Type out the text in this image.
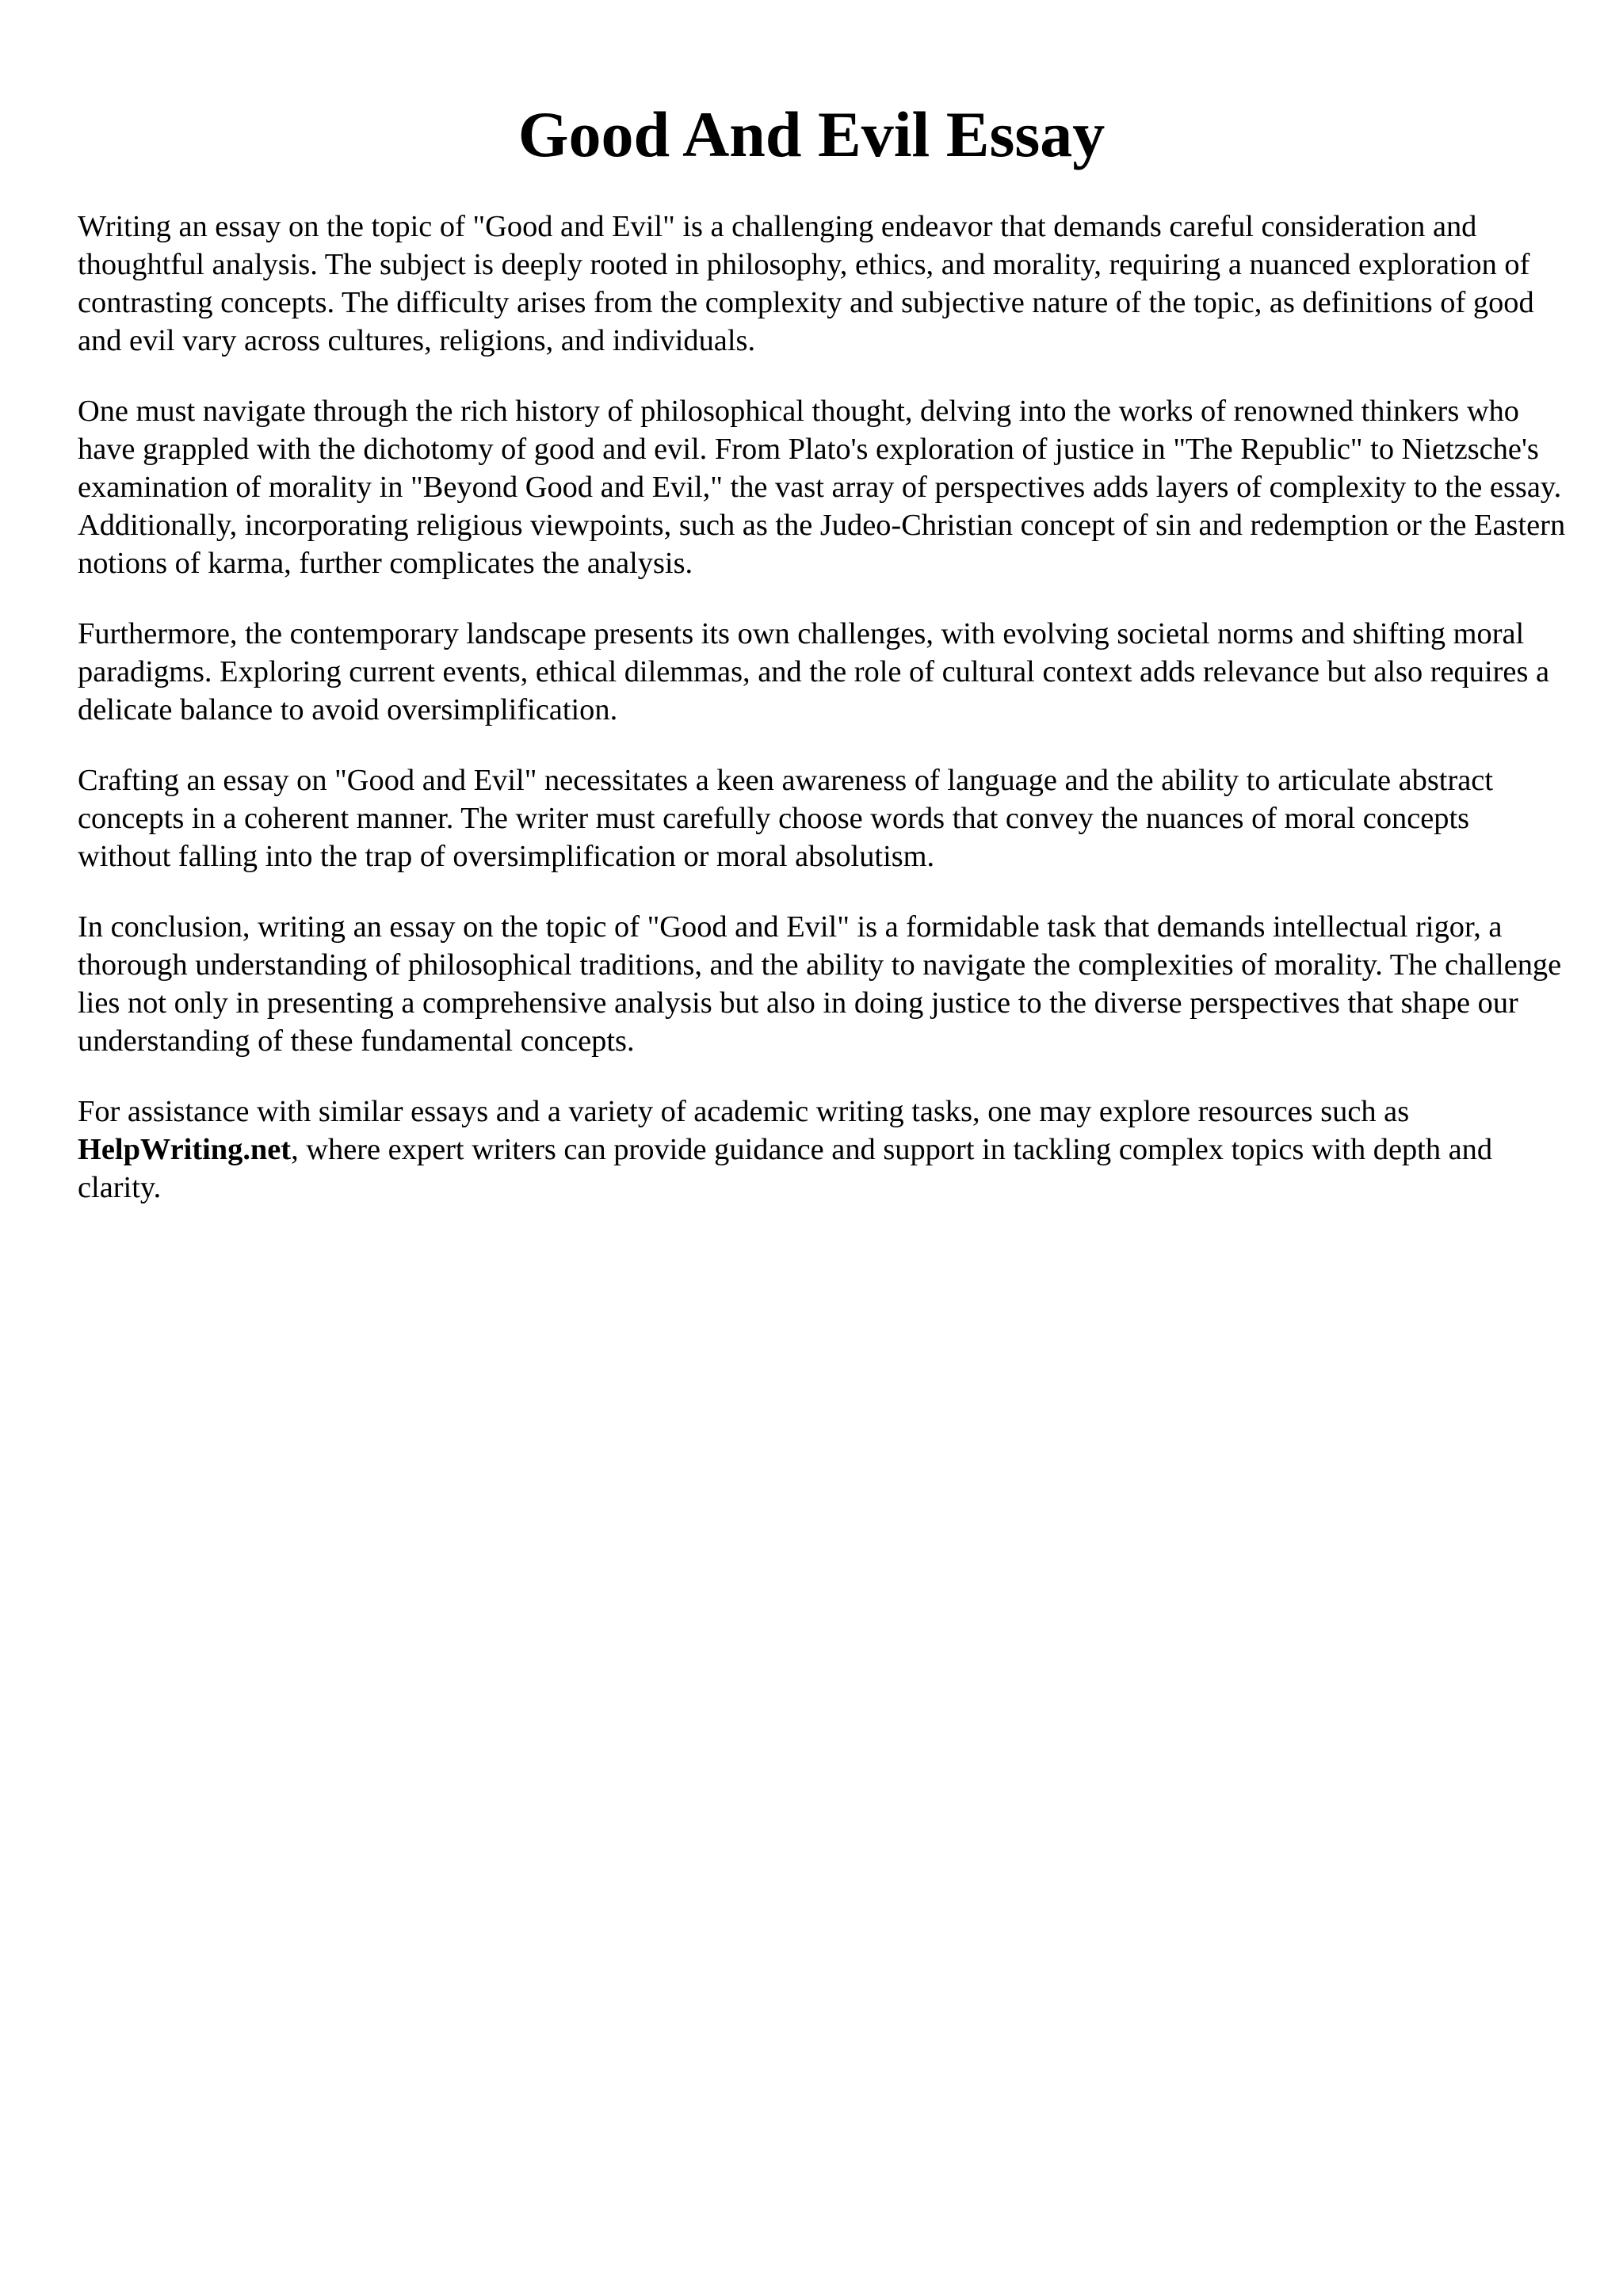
Good And Evil Essay

Writing an essay on the topic of "Good and Evil" is a challenging endeavor that demands careful consideration and thoughtful analysis. The subject is deeply rooted in philosophy, ethics, and morality, requiring a nuanced exploration of contrasting concepts. The difficulty arises from the complexity and subjective nature of the topic, as definitions of good and evil vary across cultures, religions, and individuals.

One must navigate through the rich history of philosophical thought, delving into the works of renowned thinkers who have grappled with the dichotomy of good and evil. From Plato's exploration of justice in "The Republic" to Nietzsche's examination of morality in "Beyond Good and Evil," the vast array of perspectives adds layers of complexity to the essay. Additionally, incorporating religious viewpoints, such as the Judeo-Christian concept of sin and redemption or the Eastern notions of karma, further complicates the analysis.

Furthermore, the contemporary landscape presents its own challenges, with evolving societal norms and shifting moral paradigms. Exploring current events, ethical dilemmas, and the role of cultural context adds relevance but also requires a delicate balance to avoid oversimplification.

Crafting an essay on "Good and Evil" necessitates a keen awareness of language and the ability to articulate abstract concepts in a coherent manner. The writer must carefully choose words that convey the nuances of moral concepts without falling into the trap of oversimplification or moral absolutism.

In conclusion, writing an essay on the topic of "Good and Evil" is a formidable task that demands intellectual rigor, a thorough understanding of philosophical traditions, and the ability to navigate the complexities of morality. The challenge lies not only in presenting a comprehensive analysis but also in doing justice to the diverse perspectives that shape our understanding of these fundamental concepts.

For assistance with similar essays and a variety of academic writing tasks, one may explore resources such as HelpWriting.net, where expert writers can provide guidance and support in tackling complex topics with depth and clarity.
